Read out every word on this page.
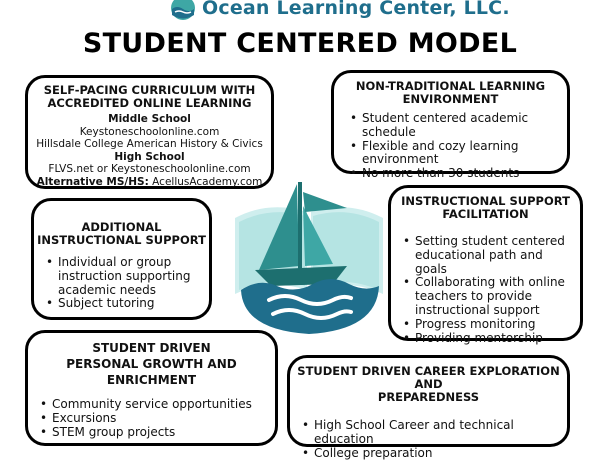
Ocean Learning Center, LLC.
STUDENT CENTERED MODEL
SELF-PACING CURRICULUM WITH
ACCREDITED ONLINE LEARNING
Middle School
Keystoneschoolonline.com
Hillsdale College American History & Civics
High School
FLVS.net or Keystoneschoolonline.com
Alternative MS/HS: AcellusAcademy.com
NON-TRADITIONAL LEARNING
ENVIRONMENT
• Student centered academic schedule
• Flexible and cozy learning environment
• No more than 30 students
ADDITIONAL
INSTRUCTIONAL SUPPORT
• Individual or group instruction supporting academic needs
• Subject tutoring
INSTRUCTIONAL SUPPORT
FACILITATION
• Setting student centered educational path and goals
• Collaborating with online teachers to provide instructional support
• Progress monitoring
• Providing mentorship
STUDENT DRIVEN
PERSONAL GROWTH AND
ENRICHMENT
• Community service opportunities
• Excursions
• STEM group projects
STUDENT DRIVEN CAREER EXPLORATION AND
PREPAREDNESS
• High School Career and technical education
• College preparation
